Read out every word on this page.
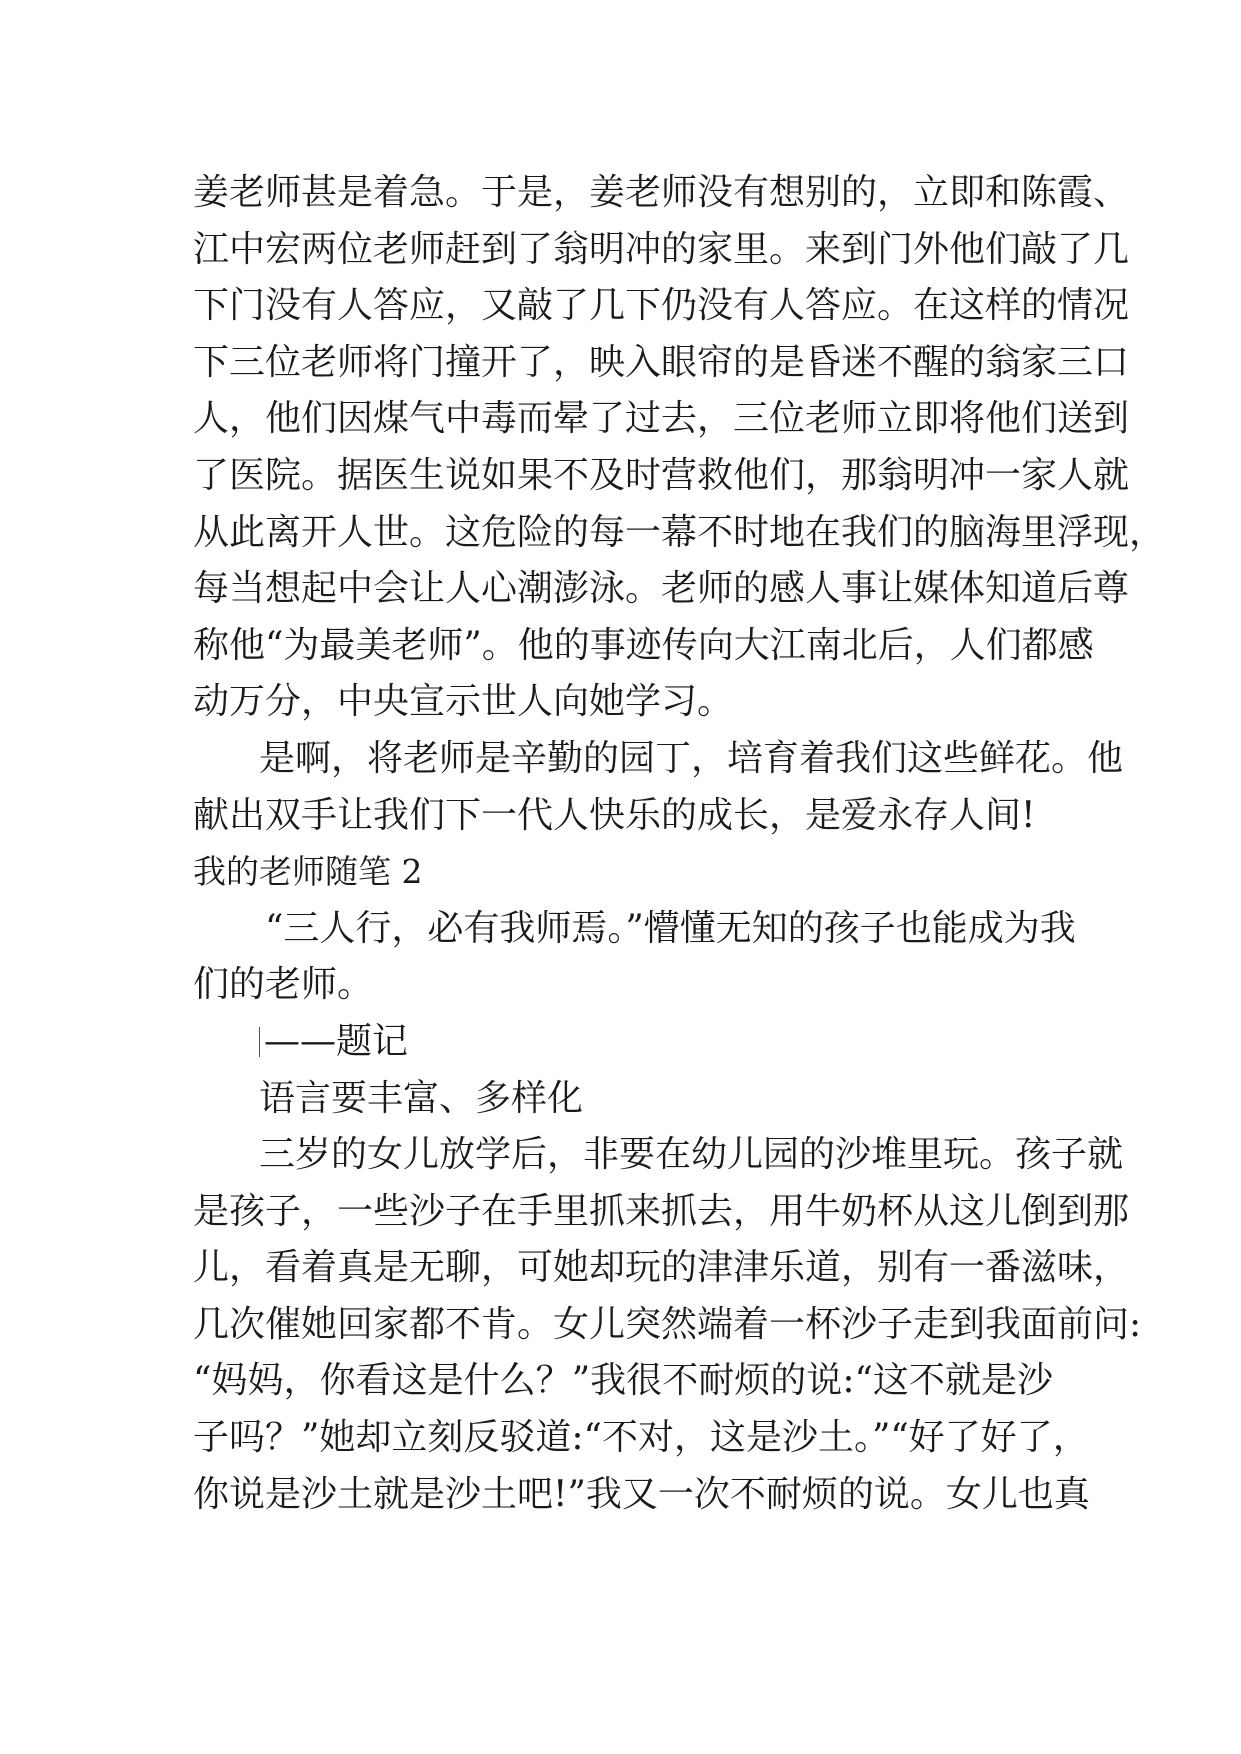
姜老师甚是着急。于是，姜老师没有想别的，立即和陈霞、
江中宏两位老师赶到了翁明冲的家里。来到门外他们敲了几
下门没有人答应，又敲了几下仍没有人答应。在这样的情况
下三位老师将门撞开了，映入眼帘的是昏迷不醒的翁家三口
人，他们因煤气中毒而晕了过去，三位老师立即将他们送到
了医院。据医生说如果不及时营救他们，那翁明冲一家人就
从此离开人世。这危险的每一幕不时地在我们的脑海里浮现，
每当想起中会让人心潮澎泳。老师的感人事让媒体知道后尊
称他“为最美老师”。他的事迹传向大江南北后，人们都感
动万分，中央宣示世人向她学习。
是啊，将老师是辛勤的园丁，培育着我们这些鲜花。他
献出双手让我们下一代人快乐的成长，是爱永存人间!
我的老师随笔 2
“三人行，必有我师焉。”懵懂无知的孩子也能成为我
们的老师。
——题记
语言要丰富、多样化
三岁的女儿放学后，非要在幼儿园的沙堆里玩。孩子就
是孩子，一些沙子在手里抓来抓去，用牛奶杯从这儿倒到那
儿，看着真是无聊，可她却玩的津津乐道，别有一番滋味，
几次催她回家都不肯。女儿突然端着一杯沙子走到我面前问:
“妈妈，你看这是什么？”我很不耐烦的说:“这不就是沙
子吗？”她却立刻反驳道:“不对，这是沙土。”“好了好了，
你说是沙土就是沙土吧!”我又一次不耐烦的说。女儿也真
